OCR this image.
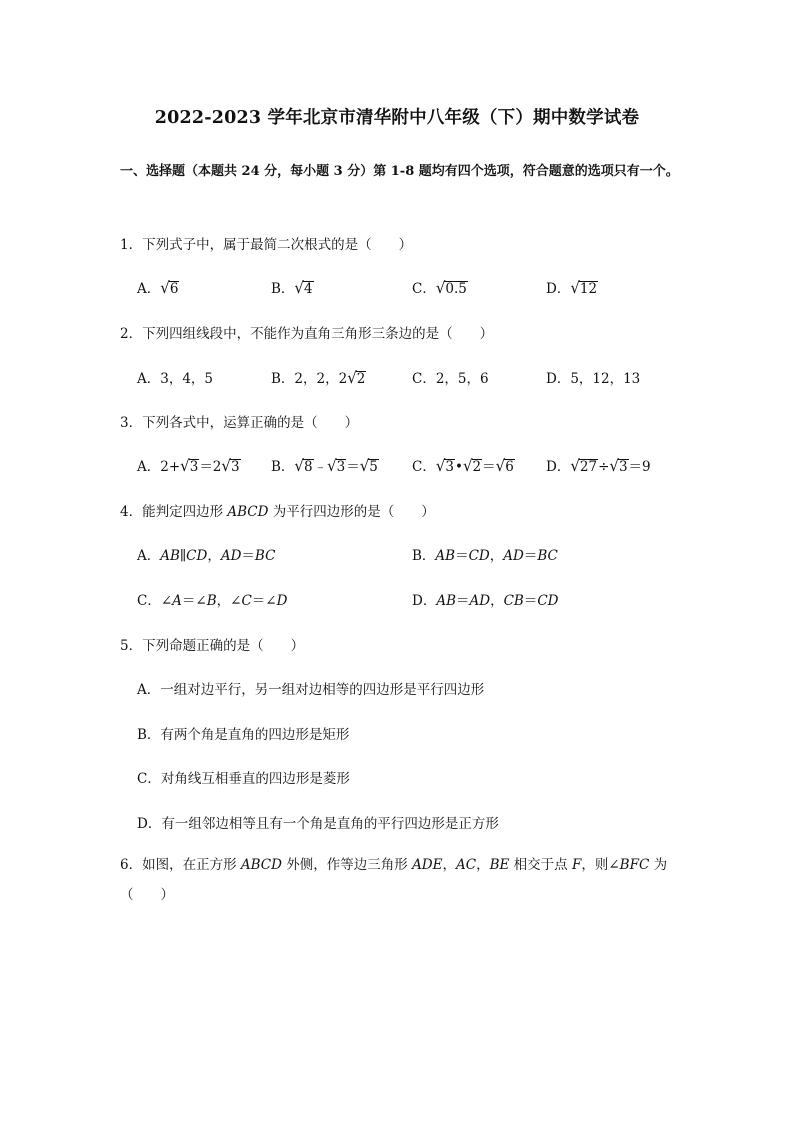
2022-2023 学年北京市清华附中八年级（下）期中数学试卷
一、选择题（本题共 24 分，每小题 3 分）第 1-8 题均有四个选项，符合题意的选项只有一个。
1．下列式子中，属于最简二次根式的是（　　）
A．√6	B．√4	C．√0.5	D．√12
2．下列四组线段中，不能作为直角三角形三条边的是（　　）
A．3，4，5	B．2，2，2√2	C．2，5，6	D．5，12，13
3．下列各式中，运算正确的是（　　）
A．2+√3＝2√3 B．√8﹣√3＝√5	C．√3•√2＝√6 D．√27÷√3＝9
4．能判定四边形 ABCD 为平行四边形的是（　　）
A．AB∥CD，AD＝BC	B．AB＝CD，AD＝BC
C．∠A＝∠B，∠C＝∠D	D．AB＝AD，CB＝CD
5．下列命题正确的是（　　）
A．一组对边平行，另一组对边相等的四边形是平行四边形
B．有两个角是直角的四边形是矩形
C．对角线互相垂直的四边形是菱形
D．有一组邻边相等且有一个角是直角的平行四边形是正方形
6．如图，在正方形 ABCD 外侧，作等边三角形 ADE，AC，BE 相交于点 F，则∠BFC 为（　　）
